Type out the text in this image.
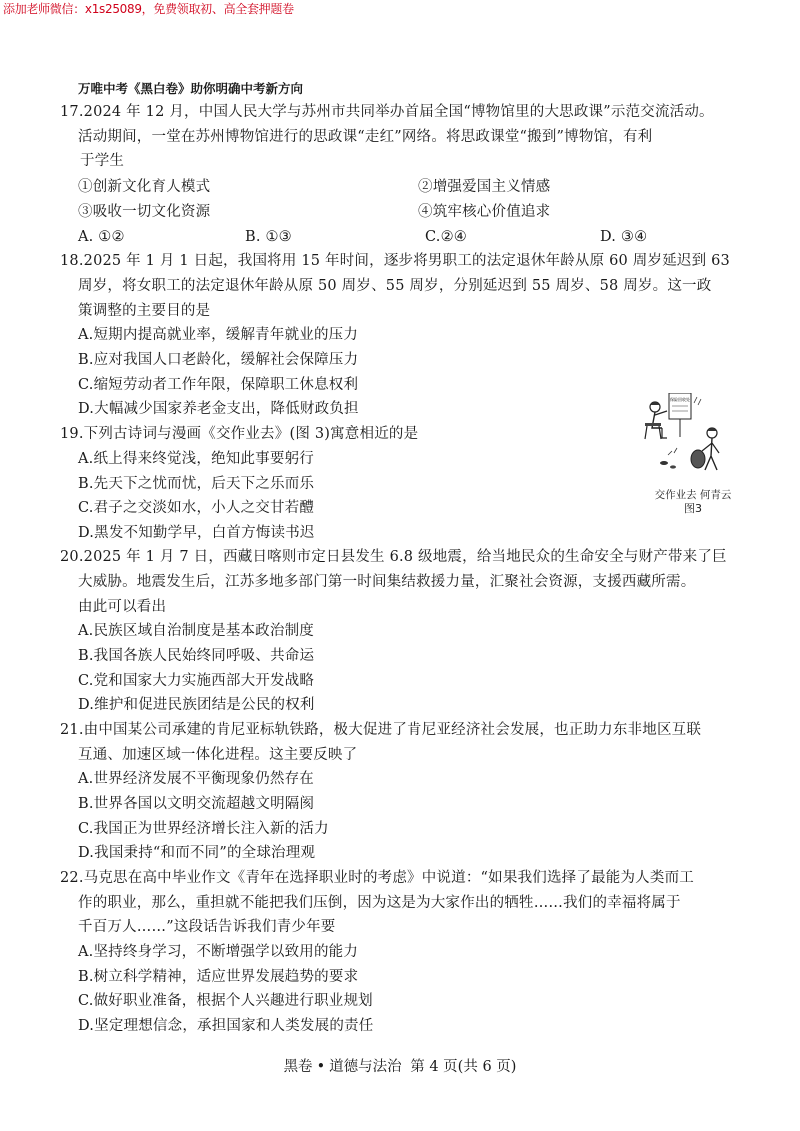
添加老师微信：x1s25089，免费领取初、高全套押题卷
万唯中考《黑白卷》助你明确中考新方向
17.2024 年 12 月，中国人民大学与苏州市共同举办首届全国“博物馆里的大思政课”示范交流活动。
活动期间，一堂在苏州博物馆进行的思政课“走红”网络。将思政课堂“搬到”博物馆，有利
于学生
①创新文化育人模式	②增强爱国主义情感
③吸收一切文化资源	④筑牢核心价值追求
A. ①②	B. ①③	C.②④	D. ③④
18.2025 年 1 月 1 日起，我国将用 15 年时间，逐步将男职工的法定退休年龄从原 60 周岁延迟到 63
周岁，将女职工的法定退休年龄从原 50 周岁、55 周岁，分别延迟到 55 周岁、58 周岁。这一政
策调整的主要目的是
A.短期内提高就业率，缓解青年就业的压力
B.应对我国人口老龄化，缓解社会保障压力
C.缩短劳动者工作年限，保障职工休息权利
D.大幅减少国家养老金支出，降低财政负担
19.下列古诗词与漫画《交作业去》(图 3)寓意相近的是
A.纸上得来终觉浅，绝知此事要躬行
B.先天下之忧而忧，后天下之乐而乐
C.君子之交淡如水，小人之交甘若醴
D.黑发不知勤学早，白首方悔读书迟
保险回收处
交作业去 何青云
图3
20.2025 年 1 月 7 日，西藏日喀则市定日县发生 6.8 级地震，给当地民众的生命安全与财产带来了巨
大威胁。地震发生后，江苏多地多部门第一时间集结救援力量，汇聚社会资源，支援西藏所需。
由此可以看出
A.民族区域自治制度是基本政治制度
B.我国各族人民始终同呼吸、共命运
C.党和国家大力实施西部大开发战略
D.维护和促进民族团结是公民的权利
21.由中国某公司承建的肯尼亚标轨铁路，极大促进了肯尼亚经济社会发展，也正助力东非地区互联
互通、加速区域一体化进程。这主要反映了
A.世界经济发展不平衡现象仍然存在
B.世界各国以文明交流超越文明隔阂
C.我国正为世界经济增长注入新的活力
D.我国秉持“和而不同”的全球治理观
22.马克思在高中毕业作文《青年在选择职业时的考虑》中说道：“如果我们选择了最能为人类而工
作的职业，那么，重担就不能把我们压倒，因为这是为大家作出的牺牲……我们的幸福将属于
千百万人……”这段话告诉我们青少年要
A.坚持终身学习，不断增强学以致用的能力
B.树立科学精神，适应世界发展趋势的要求
C.做好职业准备，根据个人兴趣进行职业规划
D.坚定理想信念，承担国家和人类发展的责任
黑卷 • 道德与法治 第 4 页(共 6 页)
